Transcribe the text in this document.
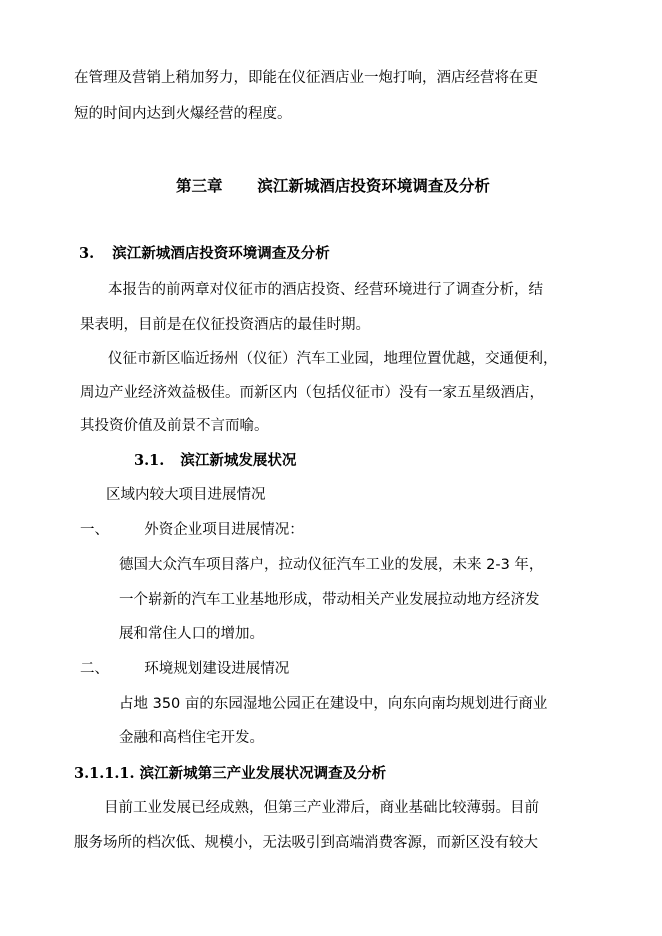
在管理及营销上稍加努力，即能在仪征酒店业一炮打响，酒店经营将在更
短的时间内达到火爆经营的程度。
第三章 滨江新城酒店投资环境调查及分析
3. 滨江新城酒店投资环境调查及分析
本报告的前两章对仪征市的酒店投资、经营环境进行了调查分析，结
果表明，目前是在仪征投资酒店的最佳时期。
仪征市新区临近扬州（仪征）汽车工业园，地理位置优越，交通便利，
周边产业经济效益极佳。而新区内（包括仪征市）没有一家五星级酒店，
其投资价值及前景不言而喻。
3.1. 滨江新城发展状况
区域内较大项目进展情况
一、 外资企业项目进展情况：
德国大众汽车项目落户，拉动仪征汽车工业的发展，未来 2-3 年，
一个崭新的汽车工业基地形成，带动相关产业发展拉动地方经济发
展和常住人口的增加。
二、 环境规划建设进展情况
占地 350 亩的东园湿地公园正在建设中，向东向南均规划进行商业
金融和高档住宅开发。
3.1.1.1. 滨江新城第三产业发展状况调查及分析
目前工业发展已经成熟，但第三产业滞后，商业基础比较薄弱。目前
服务场所的档次低、规模小，无法吸引到高端消费客源，而新区没有较大
